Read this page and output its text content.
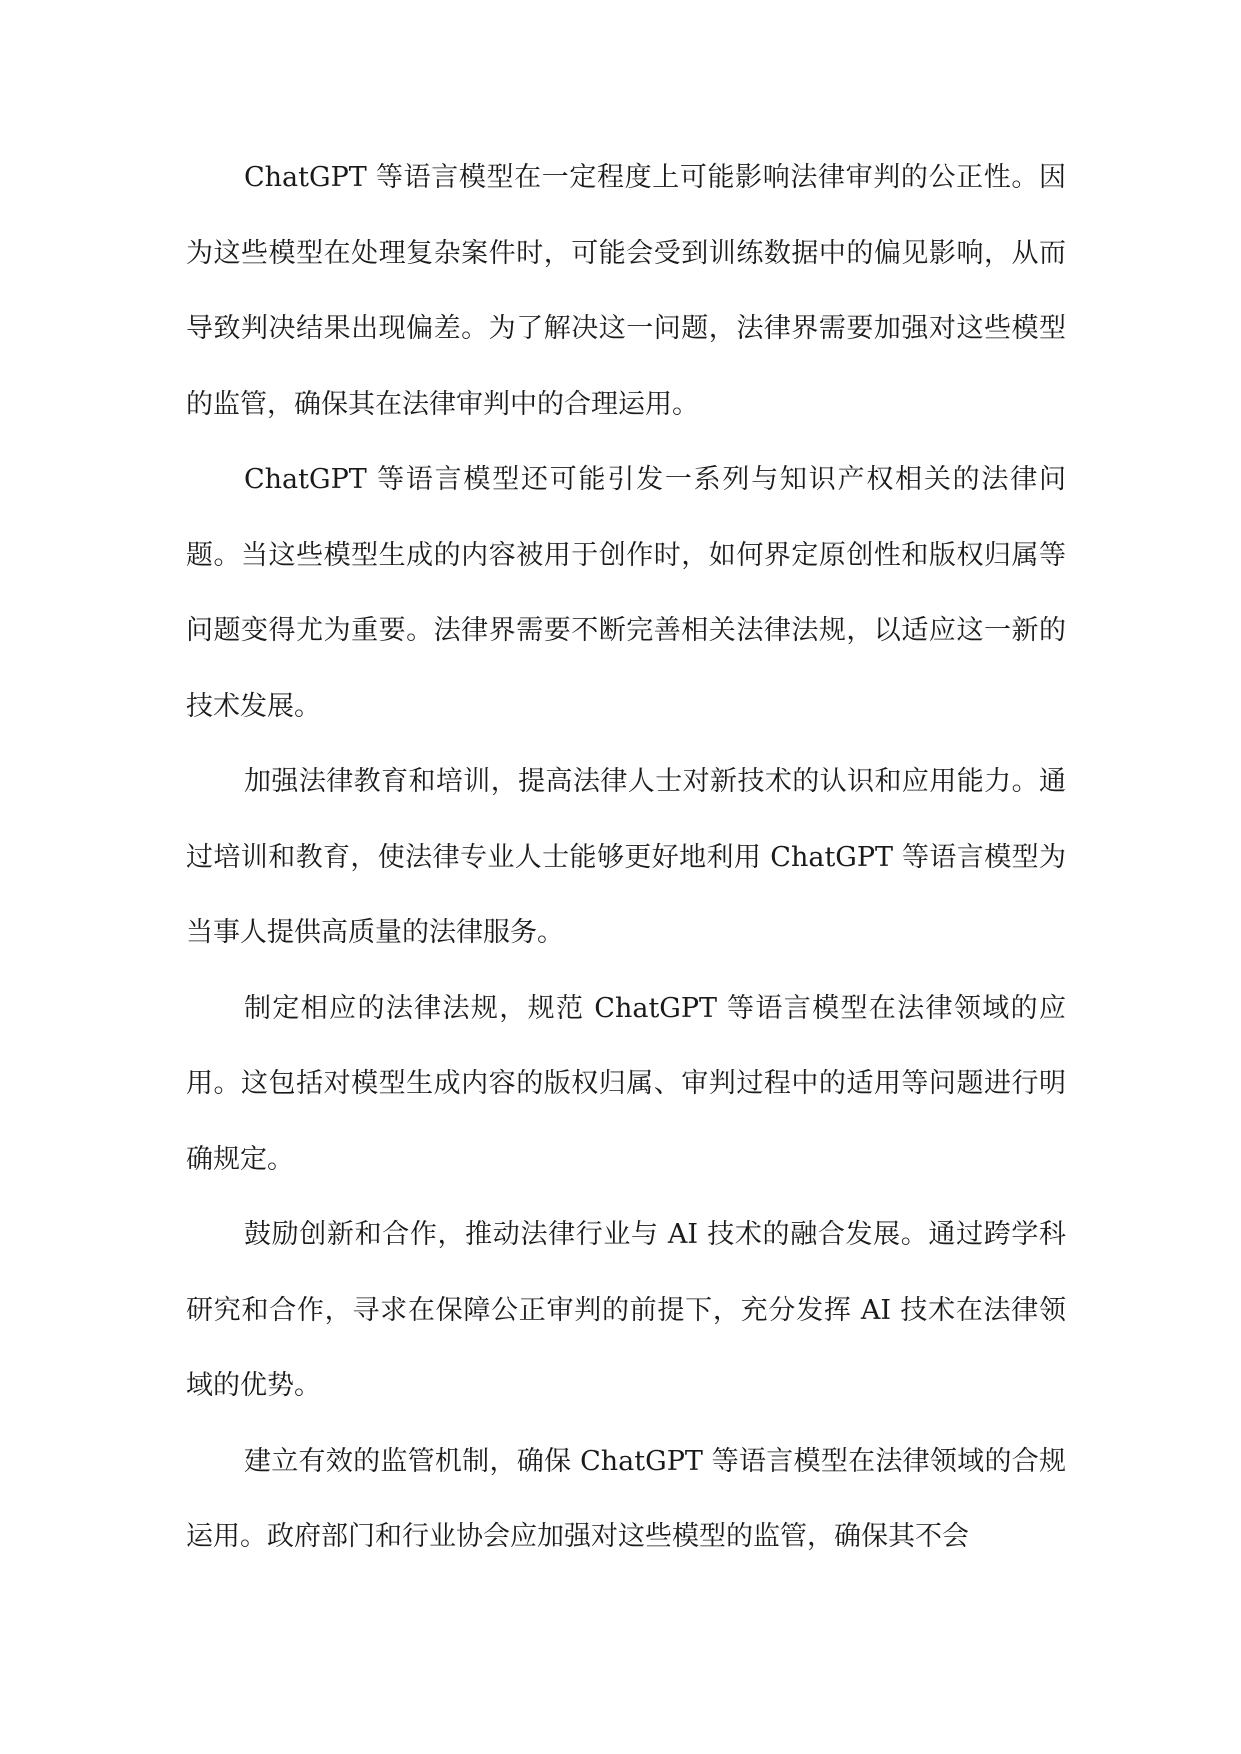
ChatGPT 等语言模型在一定程度上可能影响法律审判的公正性。因为这些模型在处理复杂案件时，可能会受到训练数据中的偏见影响，从而导致判决结果出现偏差。为了解决这一问题，法律界需要加强对这些模型的监管，确保其在法律审判中的合理运用。

ChatGPT 等语言模型还可能引发一系列与知识产权相关的法律问题。当这些模型生成的内容被用于创作时，如何界定原创性和版权归属等问题变得尤为重要。法律界需要不断完善相关法律法规，以适应这一新的技术发展。

加强法律教育和培训，提高法律人士对新技术的认识和应用能力。通过培训和教育，使法律专业人士能够更好地利用 ChatGPT 等语言模型为当事人提供高质量的法律服务。

制定相应的法律法规，规范 ChatGPT 等语言模型在法律领域的应用。这包括对模型生成内容的版权归属、审判过程中的适用等问题进行明确规定。

鼓励创新和合作，推动法律行业与 AI 技术的融合发展。通过跨学科研究和合作，寻求在保障公正审判的前提下，充分发挥 AI 技术在法律领域的优势。

建立有效的监管机制，确保 ChatGPT 等语言模型在法律领域的合规运用。政府部门和行业协会应加强对这些模型的监管，确保其不会
